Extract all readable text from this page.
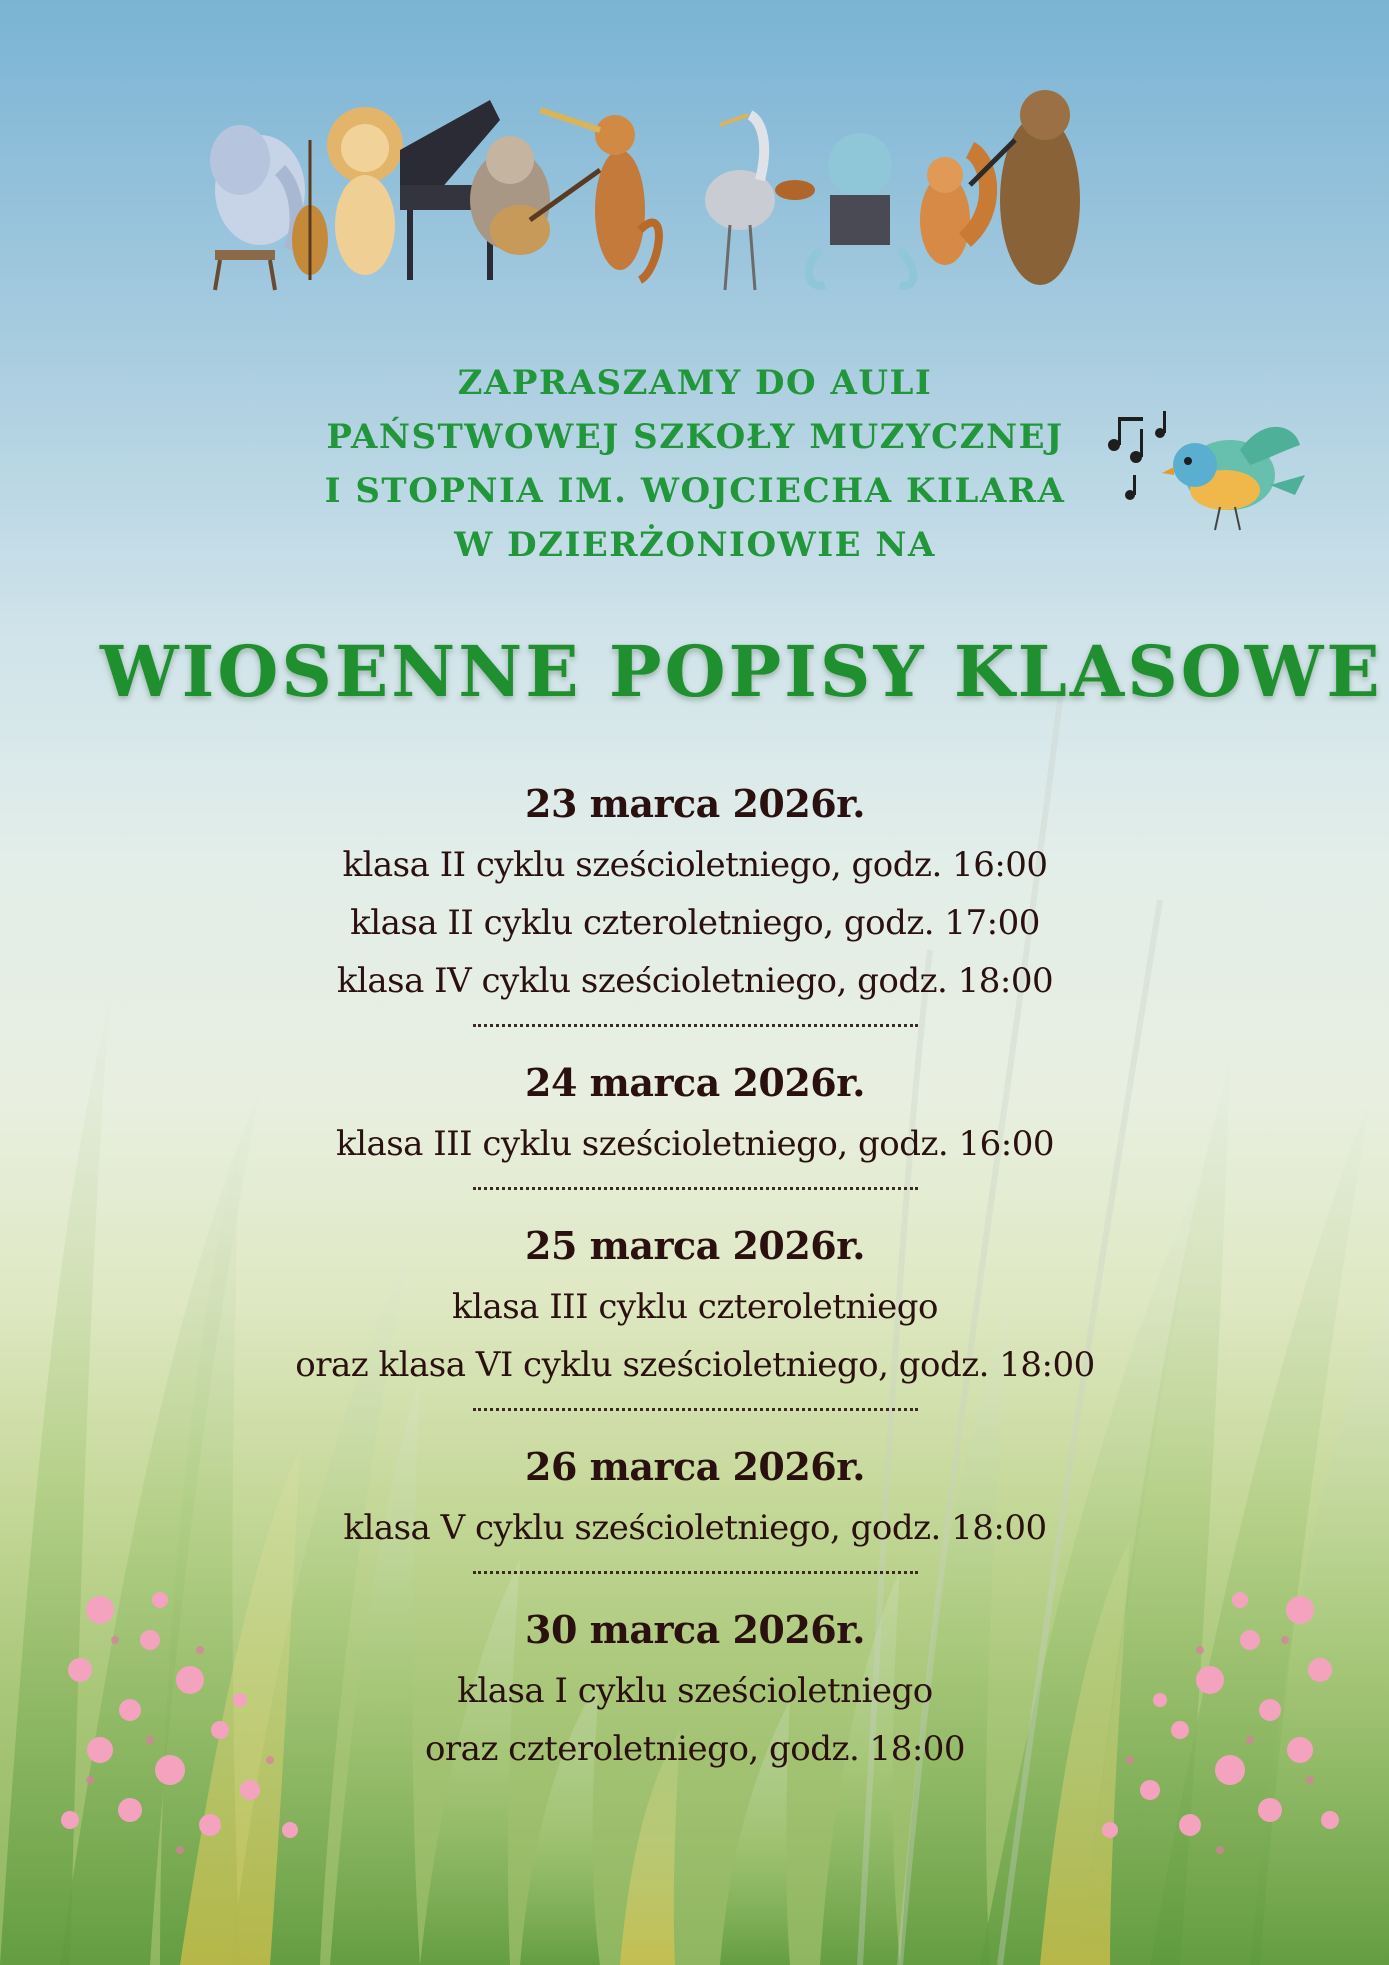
ZAPRASZAMY DO AULI
PAŃSTWOWEJ SZKOŁY MUZYCZNEJ
I STOPNIA IM. WOJCIECHA KILARA
W DZIERŻONIOWIE NA
WIOSENNE POPISY KLASOWE
23 marca 2026r.
klasa II cyklu sześcioletniego, godz. 16:00
klasa II cyklu czteroletniego, godz. 17:00
klasa IV cyklu sześcioletniego, godz. 18:00
24 marca 2026r.
klasa III cyklu sześcioletniego, godz. 16:00
25 marca 2026r.
klasa III cyklu czteroletniego
oraz klasa VI cyklu sześcioletniego, godz. 18:00
26 marca 2026r.
klasa V cyklu sześcioletniego, godz. 18:00
30 marca 2026r.
klasa I cyklu sześcioletniego
oraz czteroletniego, godz. 18:00
